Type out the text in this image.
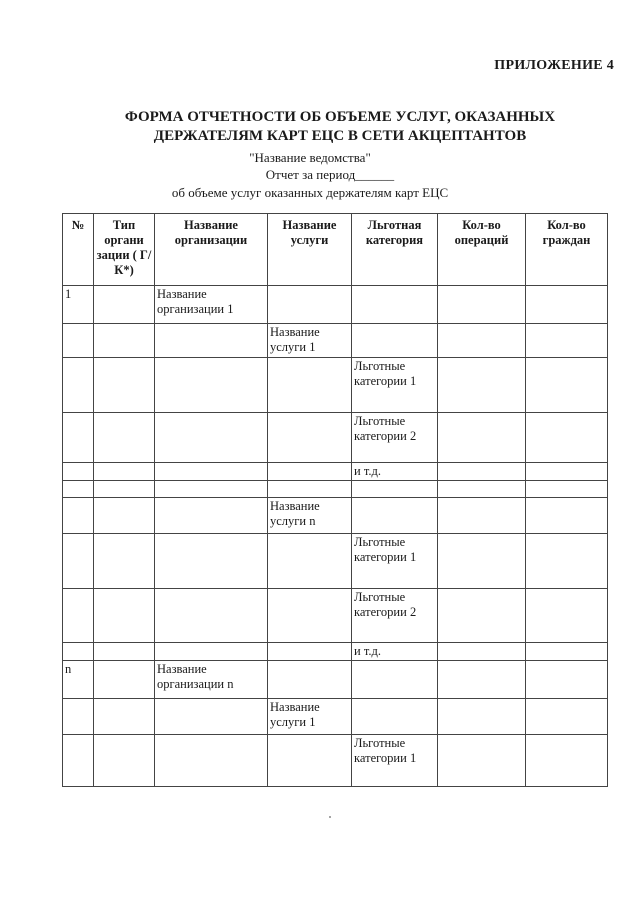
ПРИЛОЖЕНИЕ 4
ФОРМА ОТЧЕТНОСТИ ОБ ОБЪЕМЕ УСЛУГ, ОКАЗАННЫХ
ДЕРЖАТЕЛЯМ КАРТ ЕЦС В СЕТИ АКЦЕПТАНТОВ
"Название ведомства"
Отчет за период______
об объеме услуг оказанных держателям карт ЕЦС
№	Тип органи зации ( Г/К*)	Название организации	Название услуги	Льготная категория	Кол-во операций	Кол-во граждан
1		Название организации 1				
			Название услуги 1			
				Льготные категории 1		
				Льготные категории 2		
				и т.д.		

			Название услуги n			
				Льготные категории 1		
				Льготные категории 2		
				и т.д.		
n		Название организации n				
			Название услуги 1			
				Льготные категории 1		
